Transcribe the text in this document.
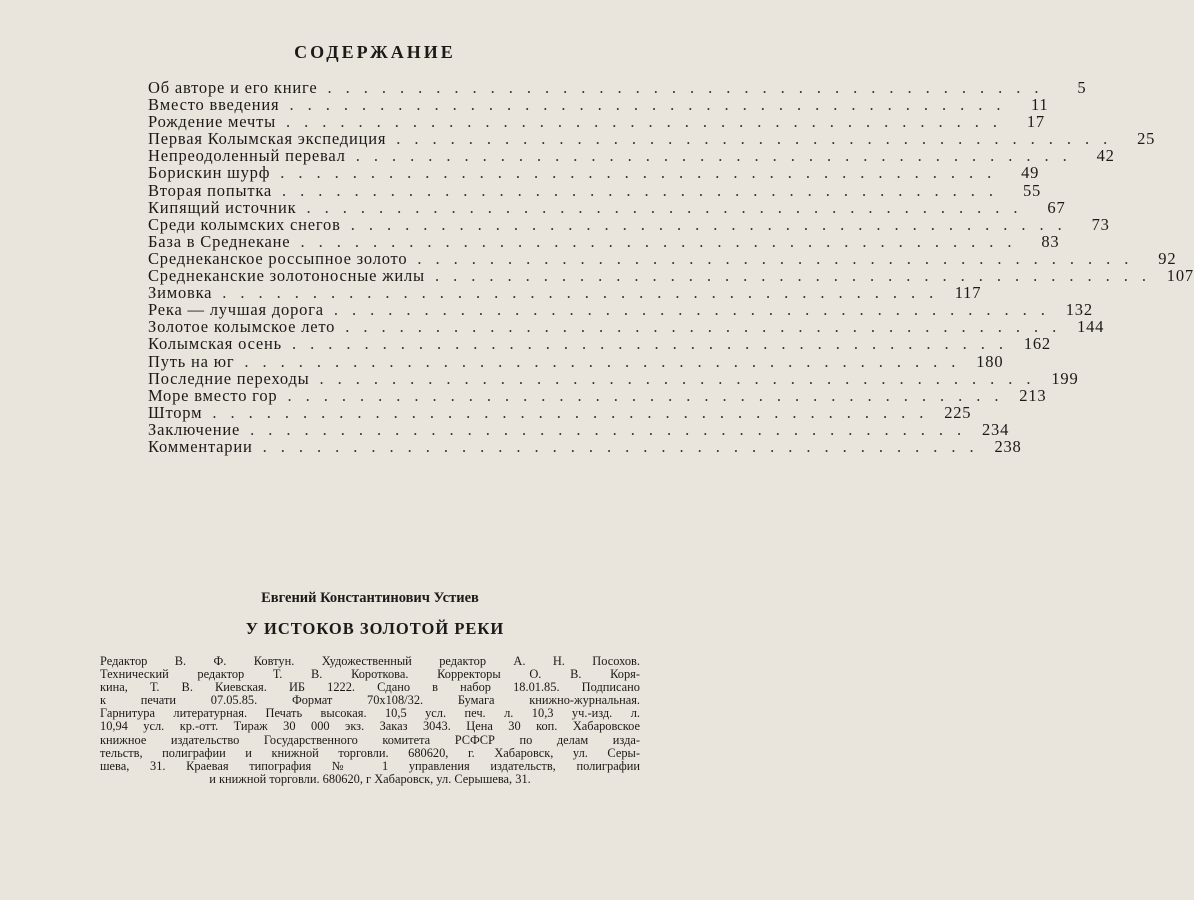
СОДЕРЖАНИЕ
Об авторе и его книге ........................................	5
Вместо введения ........................................	11
Рождение мечты ........................................ 17
Первая Колымская экспедиция ........................................ 25
Непреодоленный перевал ........................................ 42
Борискин шурф ........................................ 49
Вторая попытка ........................................ 55
Кипящий источник ........................................ 67
Среди колымских снегов ........................................ 73
База в Среднекане ........................................ 83
Среднеканское россыпное золото ........................................ 92
Среднеканские золотоносные жилы ........................................ 107
Зимовка ........................................ 117
Река — лучшая дорога ........................................ 132
Золотое колымское лето ........................................ 144
Колымская осень ........................................ 162
Путь на юг ........................................ 180
Последние переходы ........................................ 199
Море вместо гор ........................................ 213
Шторм ........................................ 225
Заключение ........................................ 234
Комментарии ........................................ 238
Евгений Константинович Устиев
У ИСТОКОВ ЗОЛОТОЙ РЕКИ
Редактор В. Ф. Ковтун. Художественный редактор А. Н. Посохов.
Технический редактор Т. В. Короткова. Корректоры О. В. Коря-
кина, Т. В. Киевская. ИБ 1222. Сдано в набор 18.01.85. Подписано
к печати 07.05.85. Формат 70x108/32. Бумага книжно-журнальная.
Гарнитура литературная. Печать высокая. 10,5 усл. печ. л. 10,3 уч.-изд. л.
10,94 усл. кр.-отт. Тираж 30 000 экз. Заказ 3043. Цена 30 коп. Хабаровское
книжное издательство Государственного комитета РСФСР по делам изда-
тельств, полиграфии и книжной торговли. 680620, г. Хабаровск, ул. Серы-
шева, 31. Краевая типография № 1 управления издательств, полиграфии
и книжной торговли. 680620, г Хабаровск, ул. Серышева, 31.
